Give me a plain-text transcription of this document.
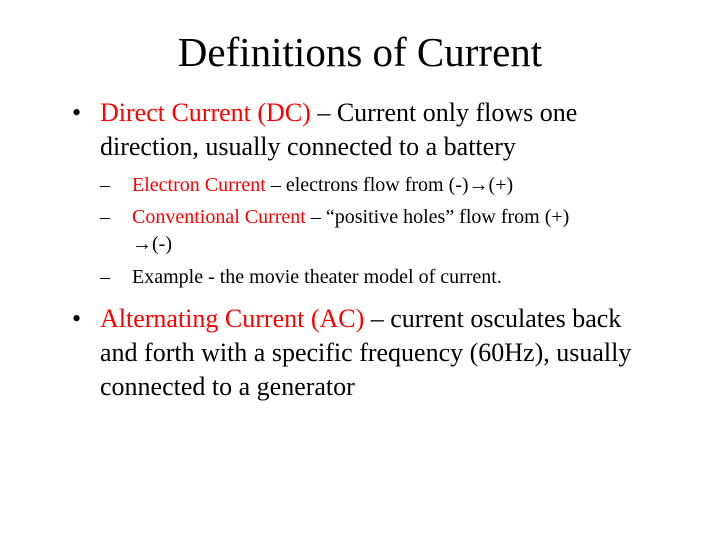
Definitions of Current
• Direct Current (DC) – Current only flows one
direction, usually connected to a battery
– Electron Current – electrons flow from (-)→(+)
– Conventional Current – “positive holes” flow from (+)
→(-)
– Example - the movie theater model of current.
• Alternating Current (AC) – current osculates back
and forth with a specific frequency (60Hz), usually
connected to a generator
